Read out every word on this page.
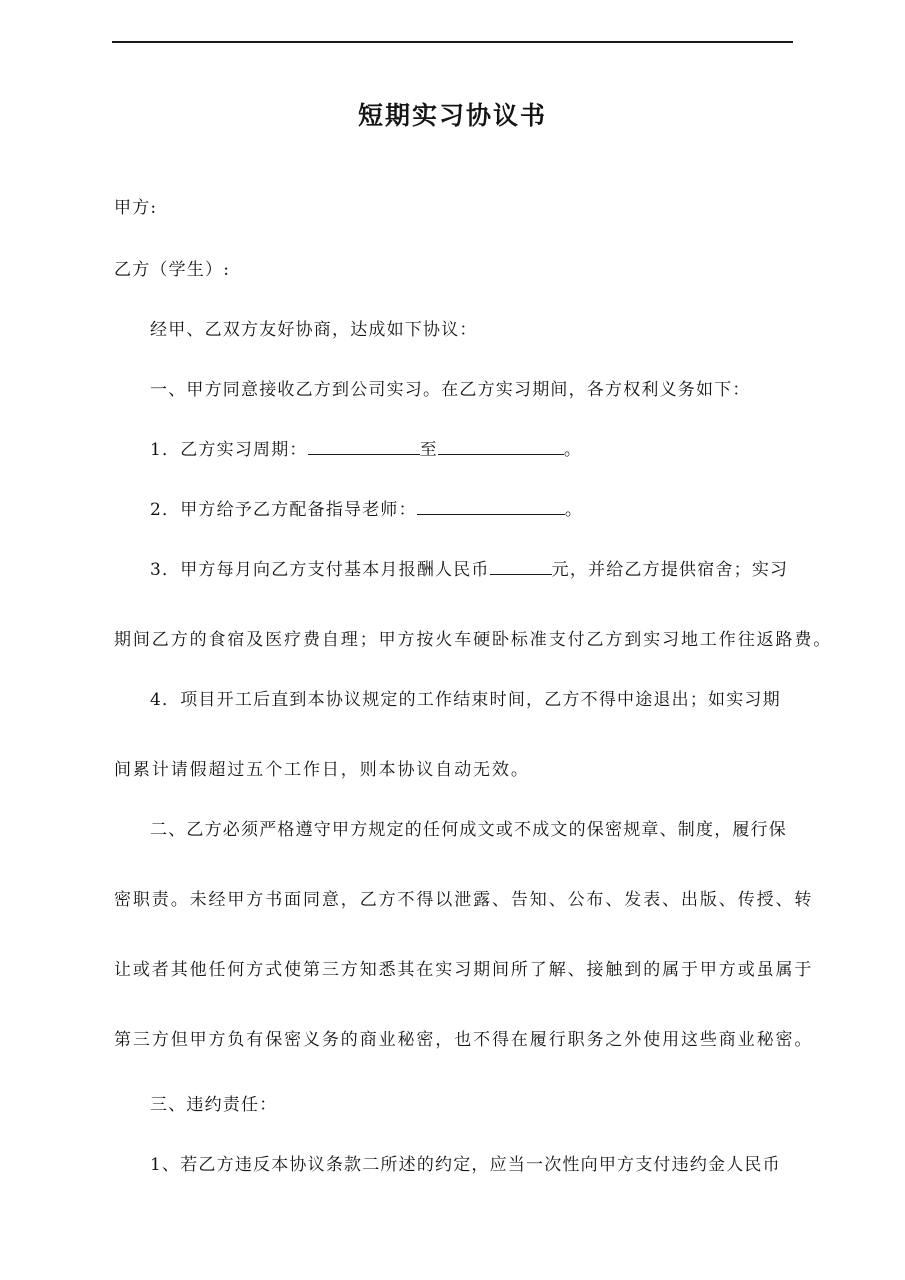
短期实习协议书
甲方:
乙方（学生）:
经甲、乙双方友好协商，达成如下协议：
一、甲方同意接收乙方到公司实习。在乙方实习期间，各方权利义务如下：
1．乙方实习周期：	至	。
2．甲方给予乙方配备指导老师：	。
3．甲方每月向乙方支付基本月报酬人民币	元，并给乙方提供宿舍；实习
期间乙方的食宿及医疗费自理；甲方按火车硬卧标准支付乙方到实习地工作往返路费。
4．项目开工后直到本协议规定的工作结束时间，乙方不得中途退出；如实习期
间累计请假超过五个工作日，则本协议自动无效。
二、乙方必须严格遵守甲方规定的任何成文或不成文的保密规章、制度，履行保
密职责。未经甲方书面同意，乙方不得以泄露、告知、公布、发表、出版、传授、转
让或者其他任何方式使第三方知悉其在实习期间所了解、接触到的属于甲方或虽属于
第三方但甲方负有保密义务的商业秘密，也不得在履行职务之外使用这些商业秘密。
三、违约责任：
1、若乙方违反本协议条款二所述的约定，应当一次性向甲方支付违约金人民币
